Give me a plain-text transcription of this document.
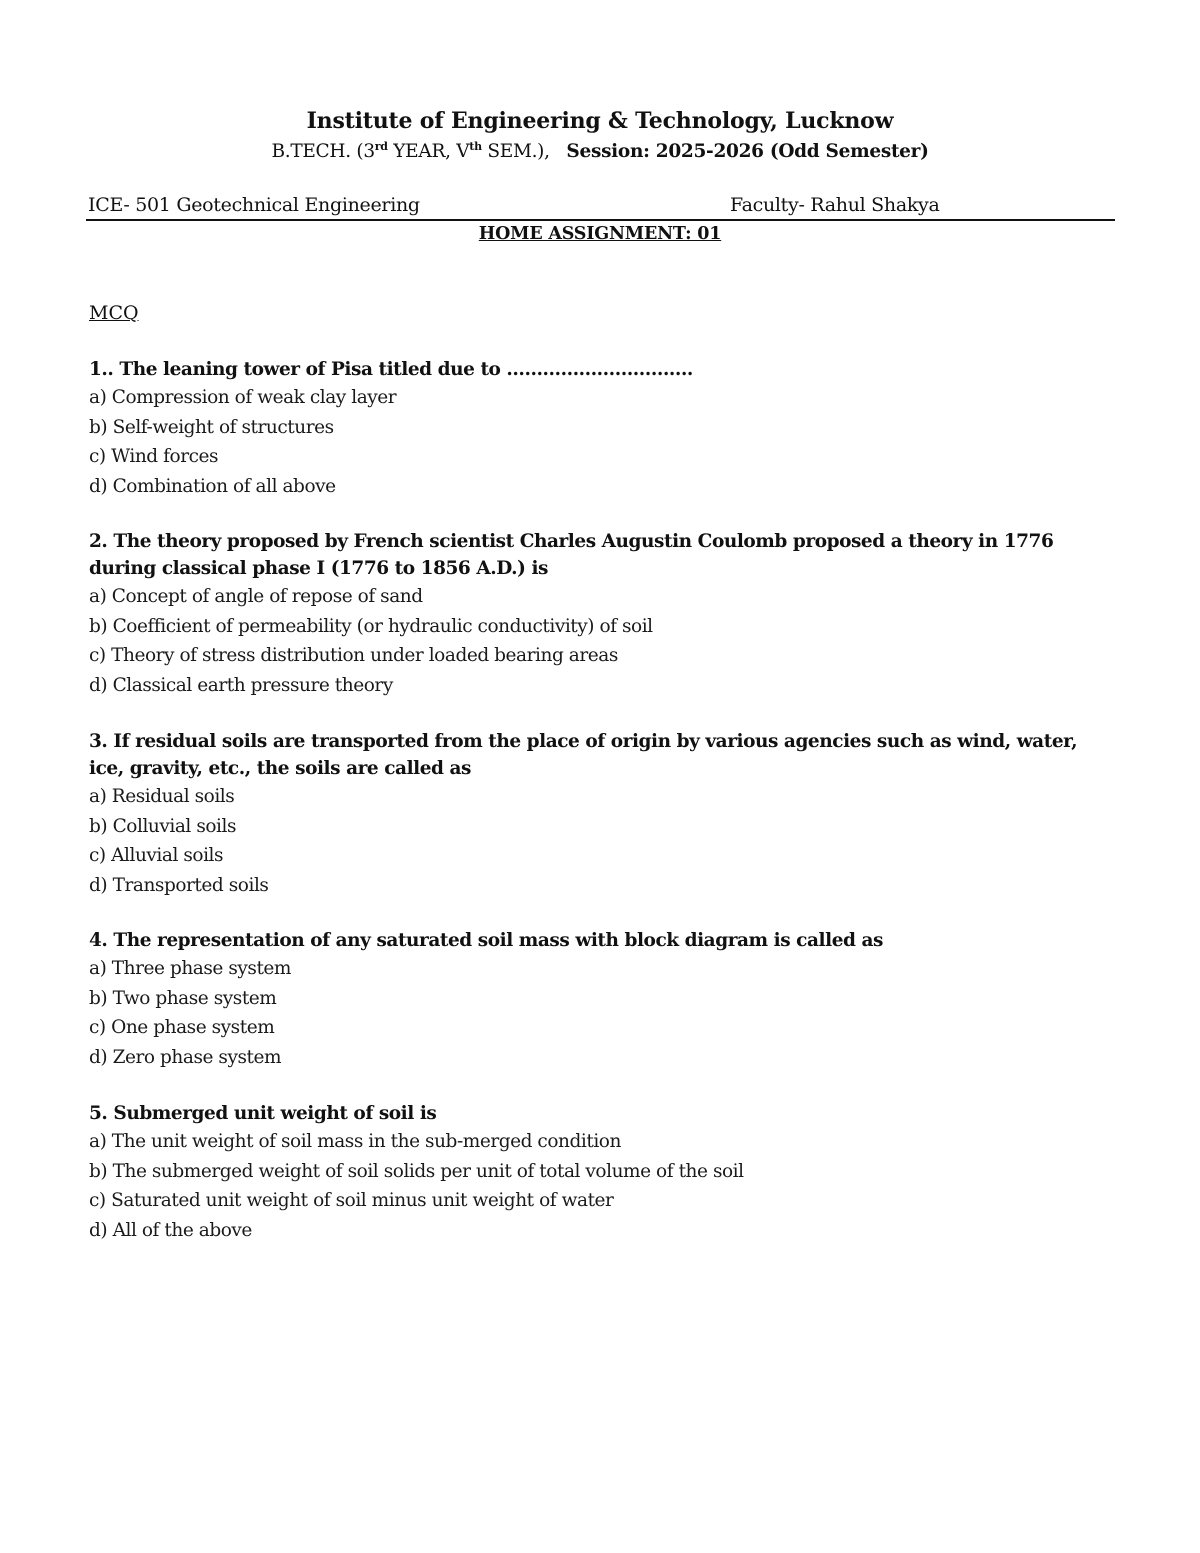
Institute of Engineering & Technology, Lucknow
B.TECH. (3rd YEAR, Vth SEM.), Session: 2025-2026 (Odd Semester)
ICE- 501 Geotechnical Engineering	Faculty- Rahul Shakya
HOME ASSIGNMENT: 01
MCQ
1.. The leaning tower of Pisa titled due to ………………………….
a) Compression of weak clay layer
b) Self-weight of structures
c) Wind forces
d) Combination of all above
2. The theory proposed by French scientist Charles Augustin Coulomb proposed a theory in 1776 during classical phase I (1776 to 1856 A.D.) is
a) Concept of angle of repose of sand
b) Coefficient of permeability (or hydraulic conductivity) of soil
c) Theory of stress distribution under loaded bearing areas
d) Classical earth pressure theory
3. If residual soils are transported from the place of origin by various agencies such as wind, water, ice, gravity, etc., the soils are called as
a) Residual soils
b) Colluvial soils
c) Alluvial soils
d) Transported soils
4. The representation of any saturated soil mass with block diagram is called as
a) Three phase system
b) Two phase system
c) One phase system
d) Zero phase system
5. Submerged unit weight of soil is
a) The unit weight of soil mass in the sub-merged condition
b) The submerged weight of soil solids per unit of total volume of the soil
c) Saturated unit weight of soil minus unit weight of water
d) All of the above
